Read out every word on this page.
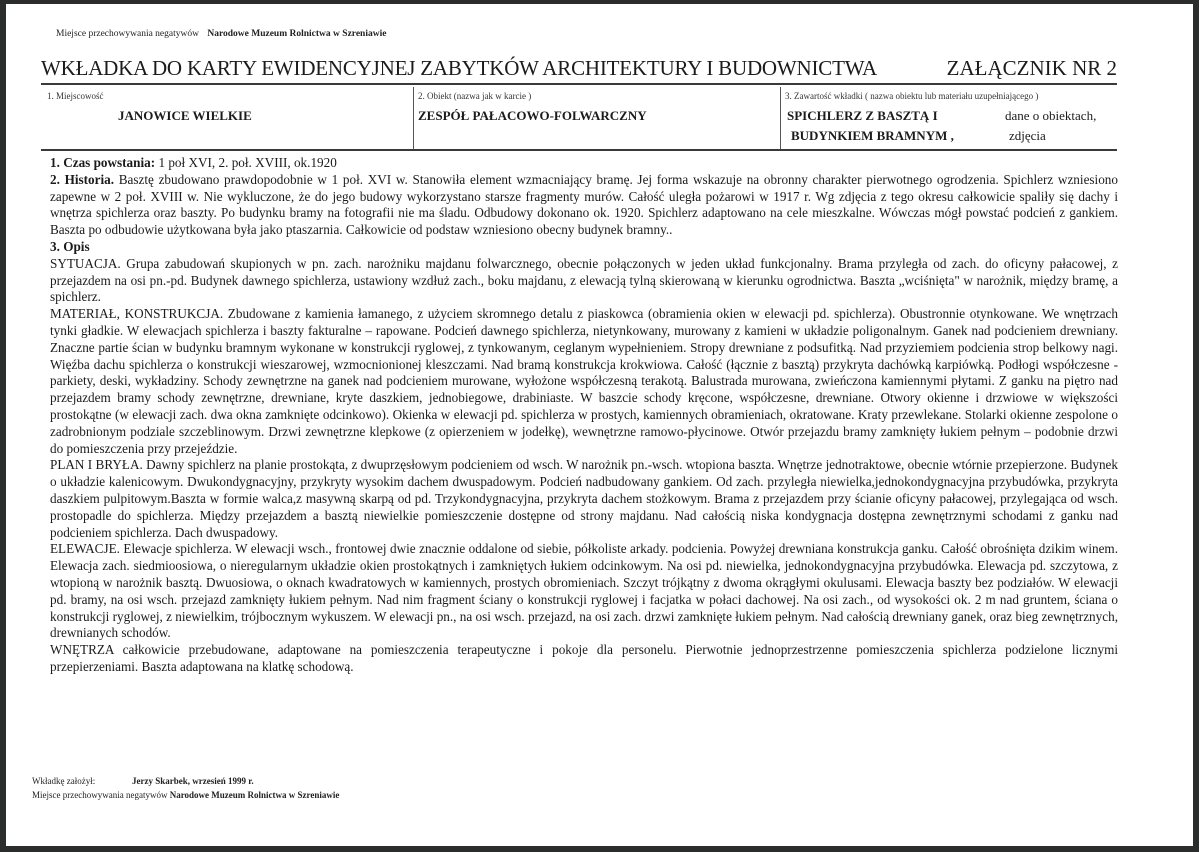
Miejsce przechowywania negatywów Narodowe Muzeum Rolnictwa w Szreniawie
WKŁADKA DO KARTY EWIDENCYJNEJ ZABYTKÓW ARCHITEKTURY I BUDOWNICTWA	ZAŁĄCZNIK NR 2
1. Miejscowość
JANOWICE WIELKIE
2. Obiekt (nazwa jak w karcie )
ZESPÓŁ PAŁACOWO-FOLWARCZNY
3. Zawartość wkładki ( nazwa obiektu lub materiału uzupełniającego )
SPICHLERZ Z BASZTĄ I
BUDYNKIEM BRAMNYM ,
dane o obiektach,
zdjęcia

1. Czas powstania: 1 poł XVI, 2. poł. XVIII, ok.1920

2. Historia. Basztę zbudowano prawdopodobnie w 1 poł. XVI w. Stanowiła element wzmacniający bramę. Jej forma wskazuje na obronny charakter pierwotnego ogrodzenia. Spichlerz wzniesiono zapewne w 2 poł. XVIII w. Nie wykluczone, że do jego budowy wykorzystano starsze fragmenty murów. Całość uległa pożarowi w 1917 r. Wg zdjęcia z tego okresu całkowicie spaliły się dachy i wnętrza spichlerza oraz baszty. Po budynku bramy na fotografii nie ma śladu. Odbudowy dokonano ok. 1920. Spichlerz adaptowano na cele mieszkalne. Wówczas mógł powstać podcień z gankiem. Baszta po odbudowie użytkowana była jako ptaszarnia. Całkowicie od podstaw wzniesiono obecny budynek bramny..

3. Opis

SYTUACJA. Grupa zabudowań skupionych w pn. zach. narożniku majdanu folwarcznego, obecnie połączonych w jeden układ funkcjonalny. Brama przyległa od zach. do oficyny pałacowej, z przejazdem na osi pn.-pd. Budynek dawnego spichlerza, ustawiony wzdłuż zach., boku majdanu, z elewacją tylną skierowaną w kierunku ogrodnictwa. Baszta „wciśnięta" w narożnik, między bramę, a spichlerz.

MATERIAŁ, KONSTRUKCJA. Zbudowane z kamienia łamanego, z użyciem skromnego detalu z piaskowca (obramienia okien w elewacji pd. spichlerza). Obustronnie otynkowane. We wnętrzach tynki gładkie. W elewacjach spichlerza i baszty fakturalne – rapowane. Podcień dawnego spichlerza, nietynkowany, murowany z kamieni w układzie poligonalnym. Ganek nad podcieniem drewniany. Znaczne partie ścian w budynku bramnym wykonane w konstrukcji ryglowej, z tynkowanym, ceglanym wypełnieniem. Stropy drewniane z podsufitką. Nad przyziemiem podcienia strop belkowy nagi. Więźba dachu spichlerza o konstrukcji wieszarowej, wzmocnionionej kleszczami. Nad bramą konstrukcja krokwiowa. Całość (łącznie z basztą) przykryta dachówką karpiówką. Podłogi współczesne - parkiety, deski, wykładziny. Schody zewnętrzne na ganek nad podcieniem murowane, wyłożone współczesną terakotą. Balustrada murowana, zwieńczona kamiennymi płytami. Z ganku na piętro nad przejazdem bramy schody zewnętrzne, drewniane, kryte daszkiem, jednobiegowe, drabiniaste. W baszcie schody kręcone, współczesne, drewniane. Otwory okienne i drzwiowe w większości prostokątne (w elewacji zach. dwa okna zamknięte odcinkowo). Okienka w elewacji pd. spichlerza w prostych, kamiennych obramieniach, okratowane. Kraty przewlekane. Stolarki okienne zespolone o zadrobnionym podziale szczeblinowym. Drzwi zewnętrzne klepkowe (z opierzeniem w jodełkę), wewnętrzne ramowo-płycinowe. Otwór przejazdu bramy zamknięty łukiem pełnym – podobnie drzwi do pomieszczenia przy przejeździe.

PLAN I BRYŁA. Dawny spichlerz na planie prostokąta, z dwuprzęsłowym podcieniem od wsch. W narożnik pn.-wsch. wtopiona baszta. Wnętrze jednotraktowe, obecnie wtórnie przepierzone. Budynek o układzie kalenicowym. Dwukondygnacyjny, przykryty wysokim dachem dwuspadowym. Podcień nadbudowany gankiem. Od zach. przyległa niewielka,jednokondygnacyjna przybudówka, przykryta daszkiem pulpitowym.Baszta w formie walca,z masywną skarpą od pd. Trzykondygnacyjna, przykryta dachem stożkowym. Brama z przejazdem przy ścianie oficyny pałacowej, przylegająca od wsch. prostopadle do spichlerza. Między przejazdem a basztą niewielkie pomieszczenie dostępne od strony majdanu. Nad całością niska kondygnacja dostępna zewnętrznymi schodami z ganku nad podcieniem spichlerza. Dach dwuspadowy.

ELEWACJE. Elewacje spichlerza. W elewacji wsch., frontowej dwie znacznie oddalone od siebie, półkoliste arkady. podcienia. Powyżej drewniana konstrukcja ganku. Całość obrośnięta dzikim winem. Elewacja zach. siedmioosiowa, o nieregularnym układzie okien prostokątnych i zamkniętych łukiem odcinkowym. Na osi pd. niewielka, jednokondygnacyjna przybudówka. Elewacja pd. szczytowa, z wtopioną w narożnik basztą. Dwuosiowa, o oknach kwadratowych w kamiennych, prostych obromieniach. Szczyt trójkątny z dwoma okrągłymi okulusami. Elewacja baszty bez podziałów. W elewacji pd. bramy, na osi wsch. przejazd zamknięty łukiem pełnym. Nad nim fragment ściany o konstrukcji ryglowej i facjatka w połaci dachowej. Na osi zach., od wysokości ok. 2 m nad gruntem, ściana o konstrukcji ryglowej, z niewielkim, trójbocznym wykuszem. W elewacji pn., na osi wsch. przejazd, na osi zach. drzwi zamknięte łukiem pełnym. Nad całością drewniany ganek, oraz bieg zewnętrznych, drewnianych schodów.

WNĘTRZA całkowicie przebudowane, adaptowane na pomieszczenia terapeutyczne i pokoje dla personelu. Pierwotnie jednoprzestrzenne pomieszczenia spichlerza podzielone licznymi przepierzeniami. Baszta adaptowana na klatkę schodową.

Wkładkę założył:	Jerzy Skarbek, wrzesień 1999 r.
Miejsce przechowywania negatywów Narodowe Muzeum Rolnictwa w Szreniawie
